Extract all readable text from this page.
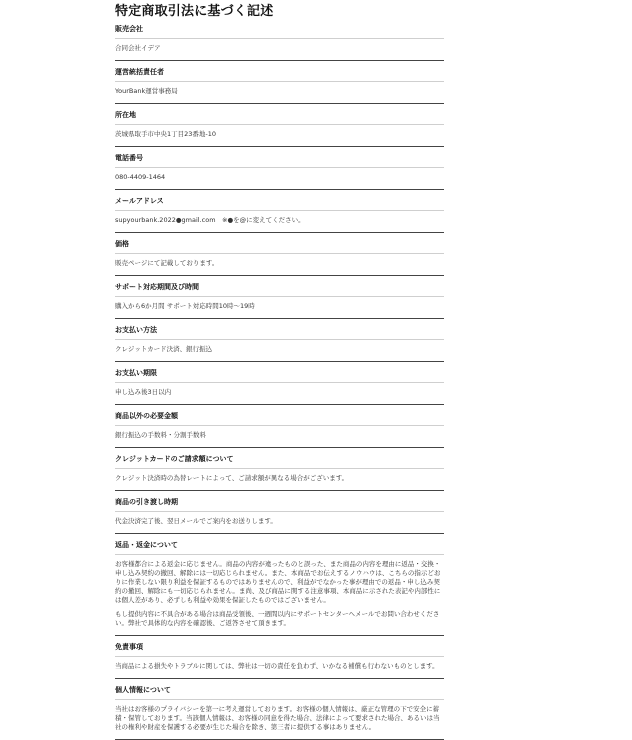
特定商取引法に基づく記述
販売会社

合同会社イデア

運営統括責任者

YourBank運営事務局

所在地

茨城県取手市中央1丁目23番地-10

電話番号

080-4409-1464

メールアドレス

supyourbank.2022●gmail.com　※●を@に変えてください。

価格

販売ページにて記載しております。

サポート対応期間及び時間

購入から6か月間 サポート対応時間10時～19時

お支払い方法

クレジットカード決済、銀行振込

お支払い期限

申し込み後3日以内

商品以外の必要金額

銀行振込の手数料・分割手数料

クレジットカードのご請求額について

クレジット決済時の為替レートによって、ご請求額が異なる場合がございます。

商品の引き渡し時期

代金決済完了後、翌日メールでご案内をお送りします。

返品・返金について

お客様都合による返金に応じません。商品の内容が違ったものと誤った、また商品の内容を理由に返品・交換・申し込み契約の撤回、解除には一切応じられません。また、本商品でお伝えするノウハウは、こちらの指示どおりに作業しない限り利益を保証するものではありませんので、利益がでなかった事が理由での返品・申し込み契約の撤回、解除にも一切応じられません。ま尚、及び商品に関する注意事項、本商品に示された表記や内部性には個人差があり、必ずしも利益や効果を保証したものではございません。

もし提供内容に不具合がある場合は商品受領後、一週間以内にサポートセンターへメールでお問い合わせください。弊社で具体的な内容を確認後、ご返答させて頂きます。

免責事項

当商品による損失やトラブルに関しては、弊社は一切の責任を負わず、いかなる補償も行わないものとします。

個人情報について

当社はお客様のプライバシーを第一に考え運営しております。お客様の個人情報は、厳正な管理の下で安全に蓄積・保管しております。当該個人情報は、お客様の同意を得た場合、法律によって要求された場合、あるいは当社の権利や財産を保護する必要が生じた場合を除き、第三者に提供する事はありません。
